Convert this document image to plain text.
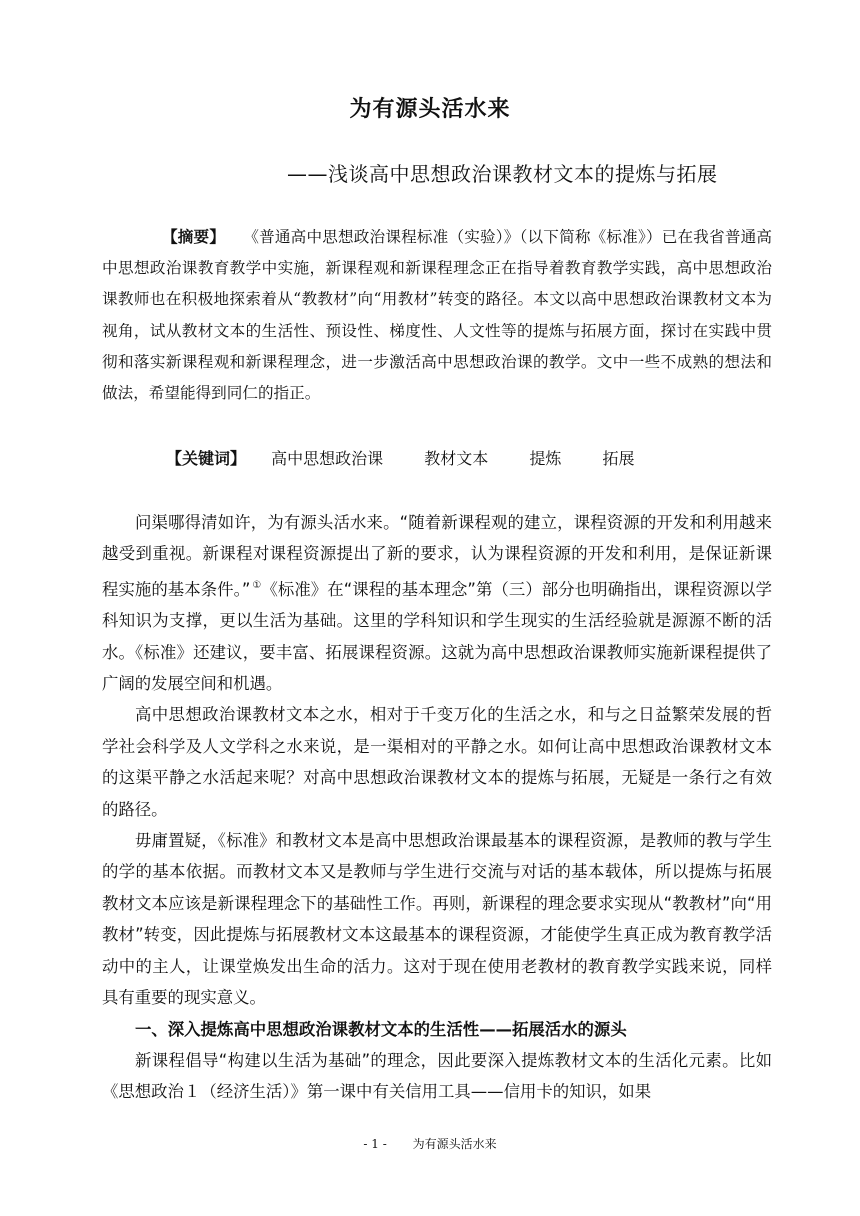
为有源头活水来
——浅谈高中思想政治课教材文本的提炼与拓展

【摘要】 《普通高中思想政治课程标准（实验）》（以下简称《标准》）已在我省普通高中思想政治课教育教学中实施，新课程观和新课程理念正在指导着教育教学实践，高中思想政治课教师也在积极地探索着从“教教材”向“用教材”转变的路径。本文以高中思想政治课教材文本为视角，试从教材文本的生活性、预设性、梯度性、人文性等的提炼与拓展方面，探讨在实践中贯彻和落实新课程观和新课程理念，进一步激活高中思想政治课的教学。文中一些不成熟的想法和做法，希望能得到同仁的指正。

【关键词】 高中思想政治课	教材文本	提炼	拓展

问渠哪得清如许，为有源头活水来。“随着新课程观的建立，课程资源的开发和利用越来越受到重视。新课程对课程资源提出了新的要求，认为课程资源的开发和利用，是保证新课程实施的基本条件。” ①《标准》在“课程的基本理念”第（三）部分也明确指出，课程资源以学科知识为支撑，更以生活为基础。这里的学科知识和学生现实的生活经验就是源源不断的活水。《标准》还建议，要丰富、拓展课程资源。这就为高中思想政治课教师实施新课程提供了广阔的发展空间和机遇。

高中思想政治课教材文本之水，相对于千变万化的生活之水，和与之日益繁荣发展的哲学社会科学及人文学科之水来说，是一渠相对的平静之水。如何让高中思想政治课教材文本的这渠平静之水活起来呢？对高中思想政治课教材文本的提炼与拓展，无疑是一条行之有效的路径。

毋庸置疑，《标准》和教材文本是高中思想政治课最基本的课程资源，是教师的教与学生的学的基本依据。而教材文本又是教师与学生进行交流与对话的基本载体，所以提炼与拓展教材文本应该是新课程理念下的基础性工作。再则，新课程的理念要求实现从“教教材”向“用教材”转变，因此提炼与拓展教材文本这最基本的课程资源，才能使学生真正成为教育教学活动中的主人，让课堂焕发出生命的活力。这对于现在使用老教材的教育教学实践来说，同样具有重要的现实意义。

一、深入提炼高中思想政治课教材文本的生活性——拓展活水的源头

新课程倡导“构建以生活为基础”的理念，因此要深入提炼教材文本的生活化元素。比如《思想政治１（经济生活）》第一课中有关信用工具——信用卡的知识，如果

- 1 - 为有源头活水来
